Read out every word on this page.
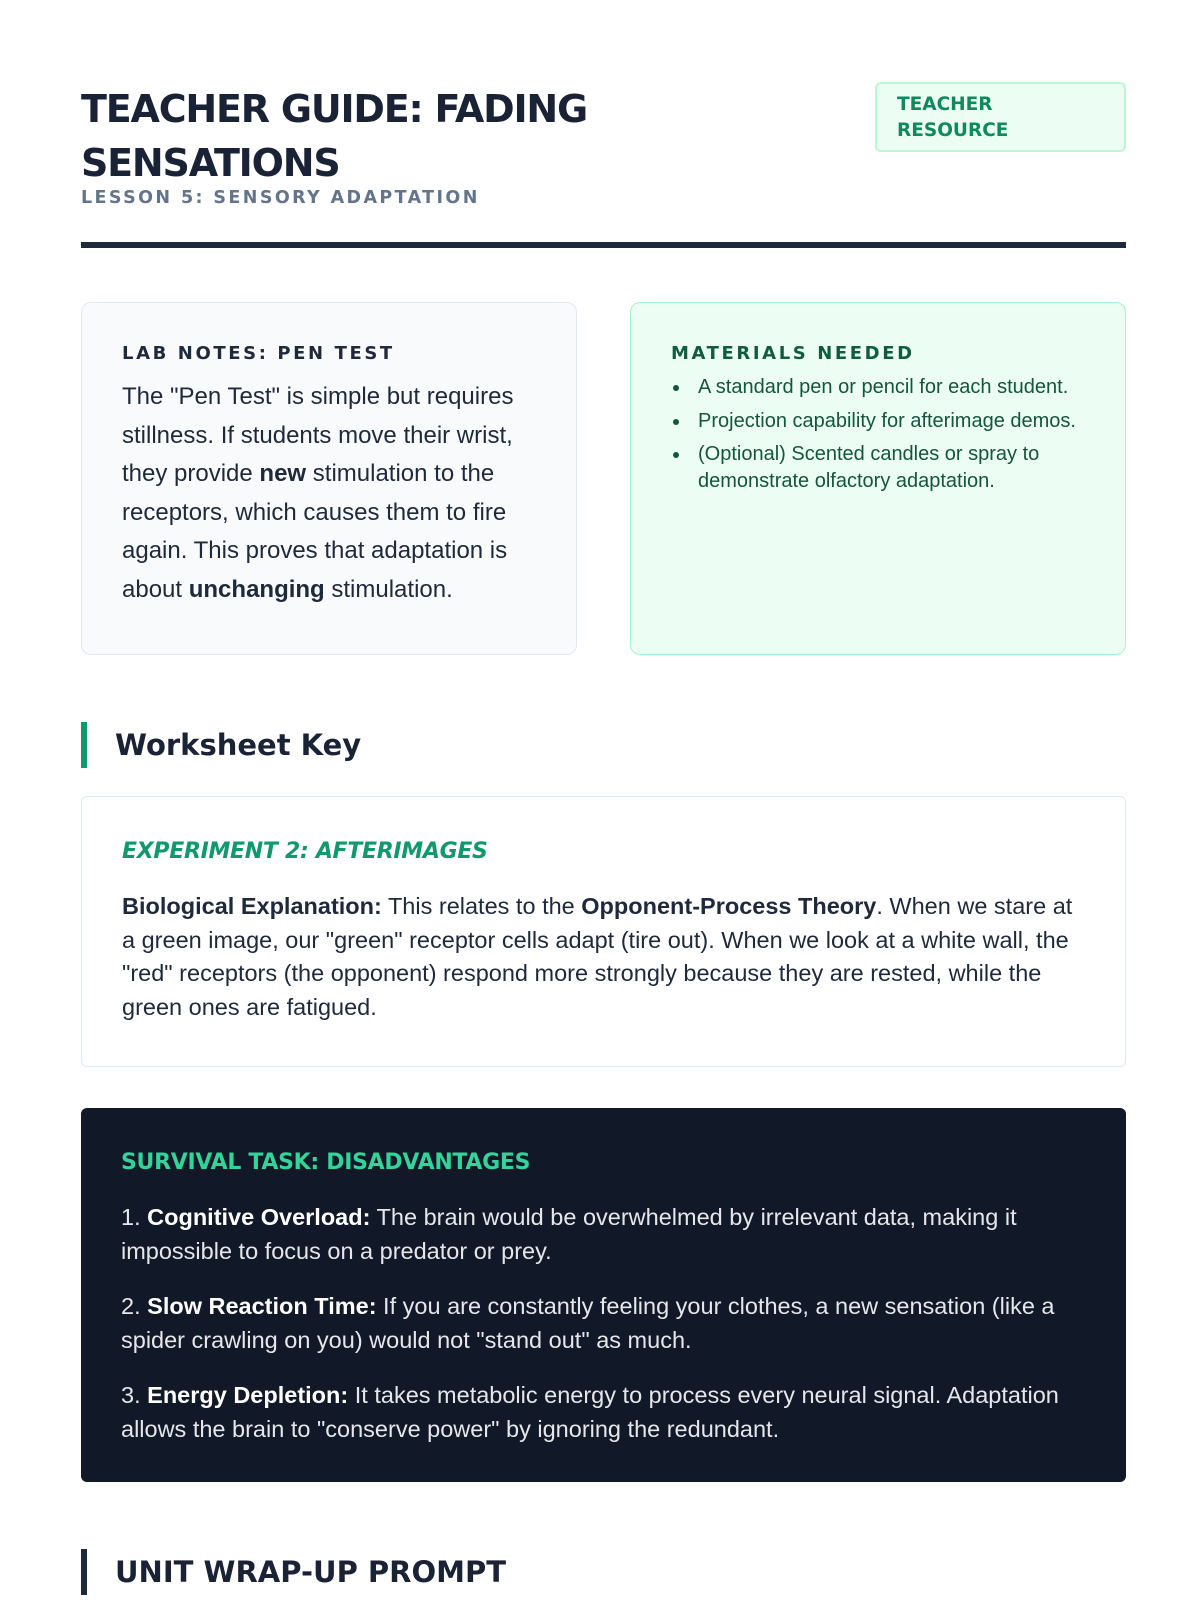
TEACHER GUIDE: FADING SENSATIONS
LESSON 5: SENSORY ADAPTATION
TEACHER RESOURCE
LAB NOTES: PEN TEST

The "Pen Test" is simple but requires stillness. If students move their wrist, they provide new stimulation to the receptors, which causes them to fire again. This proves that adaptation is about unchanging stimulation.

MATERIALS NEEDED
A standard pen or pencil for each student.
Projection capability for afterimage demos.
(Optional) Scented candles or spray to demonstrate olfactory adaptation.
Worksheet Key
EXPERIMENT 2: AFTERIMAGES

Biological Explanation: This relates to the Opponent-Process Theory. When we stare at a green image, our "green" receptor cells adapt (tire out). When we look at a white wall, the "red" receptors (the opponent) respond more strongly because they are rested, while the green ones are fatigued.

SURVIVAL TASK: DISADVANTAGES

1. Cognitive Overload: The brain would be overwhelmed by irrelevant data, making it impossible to focus on a predator or prey.

2. Slow Reaction Time: If you are constantly feeling your clothes, a new sensation (like a spider crawling on you) would not "stand out" as much.

3. Energy Depletion: It takes metabolic energy to process every neural signal. Adaptation allows the brain to "conserve power" by ignoring the redundant.

UNIT WRAP-UP PROMPT
